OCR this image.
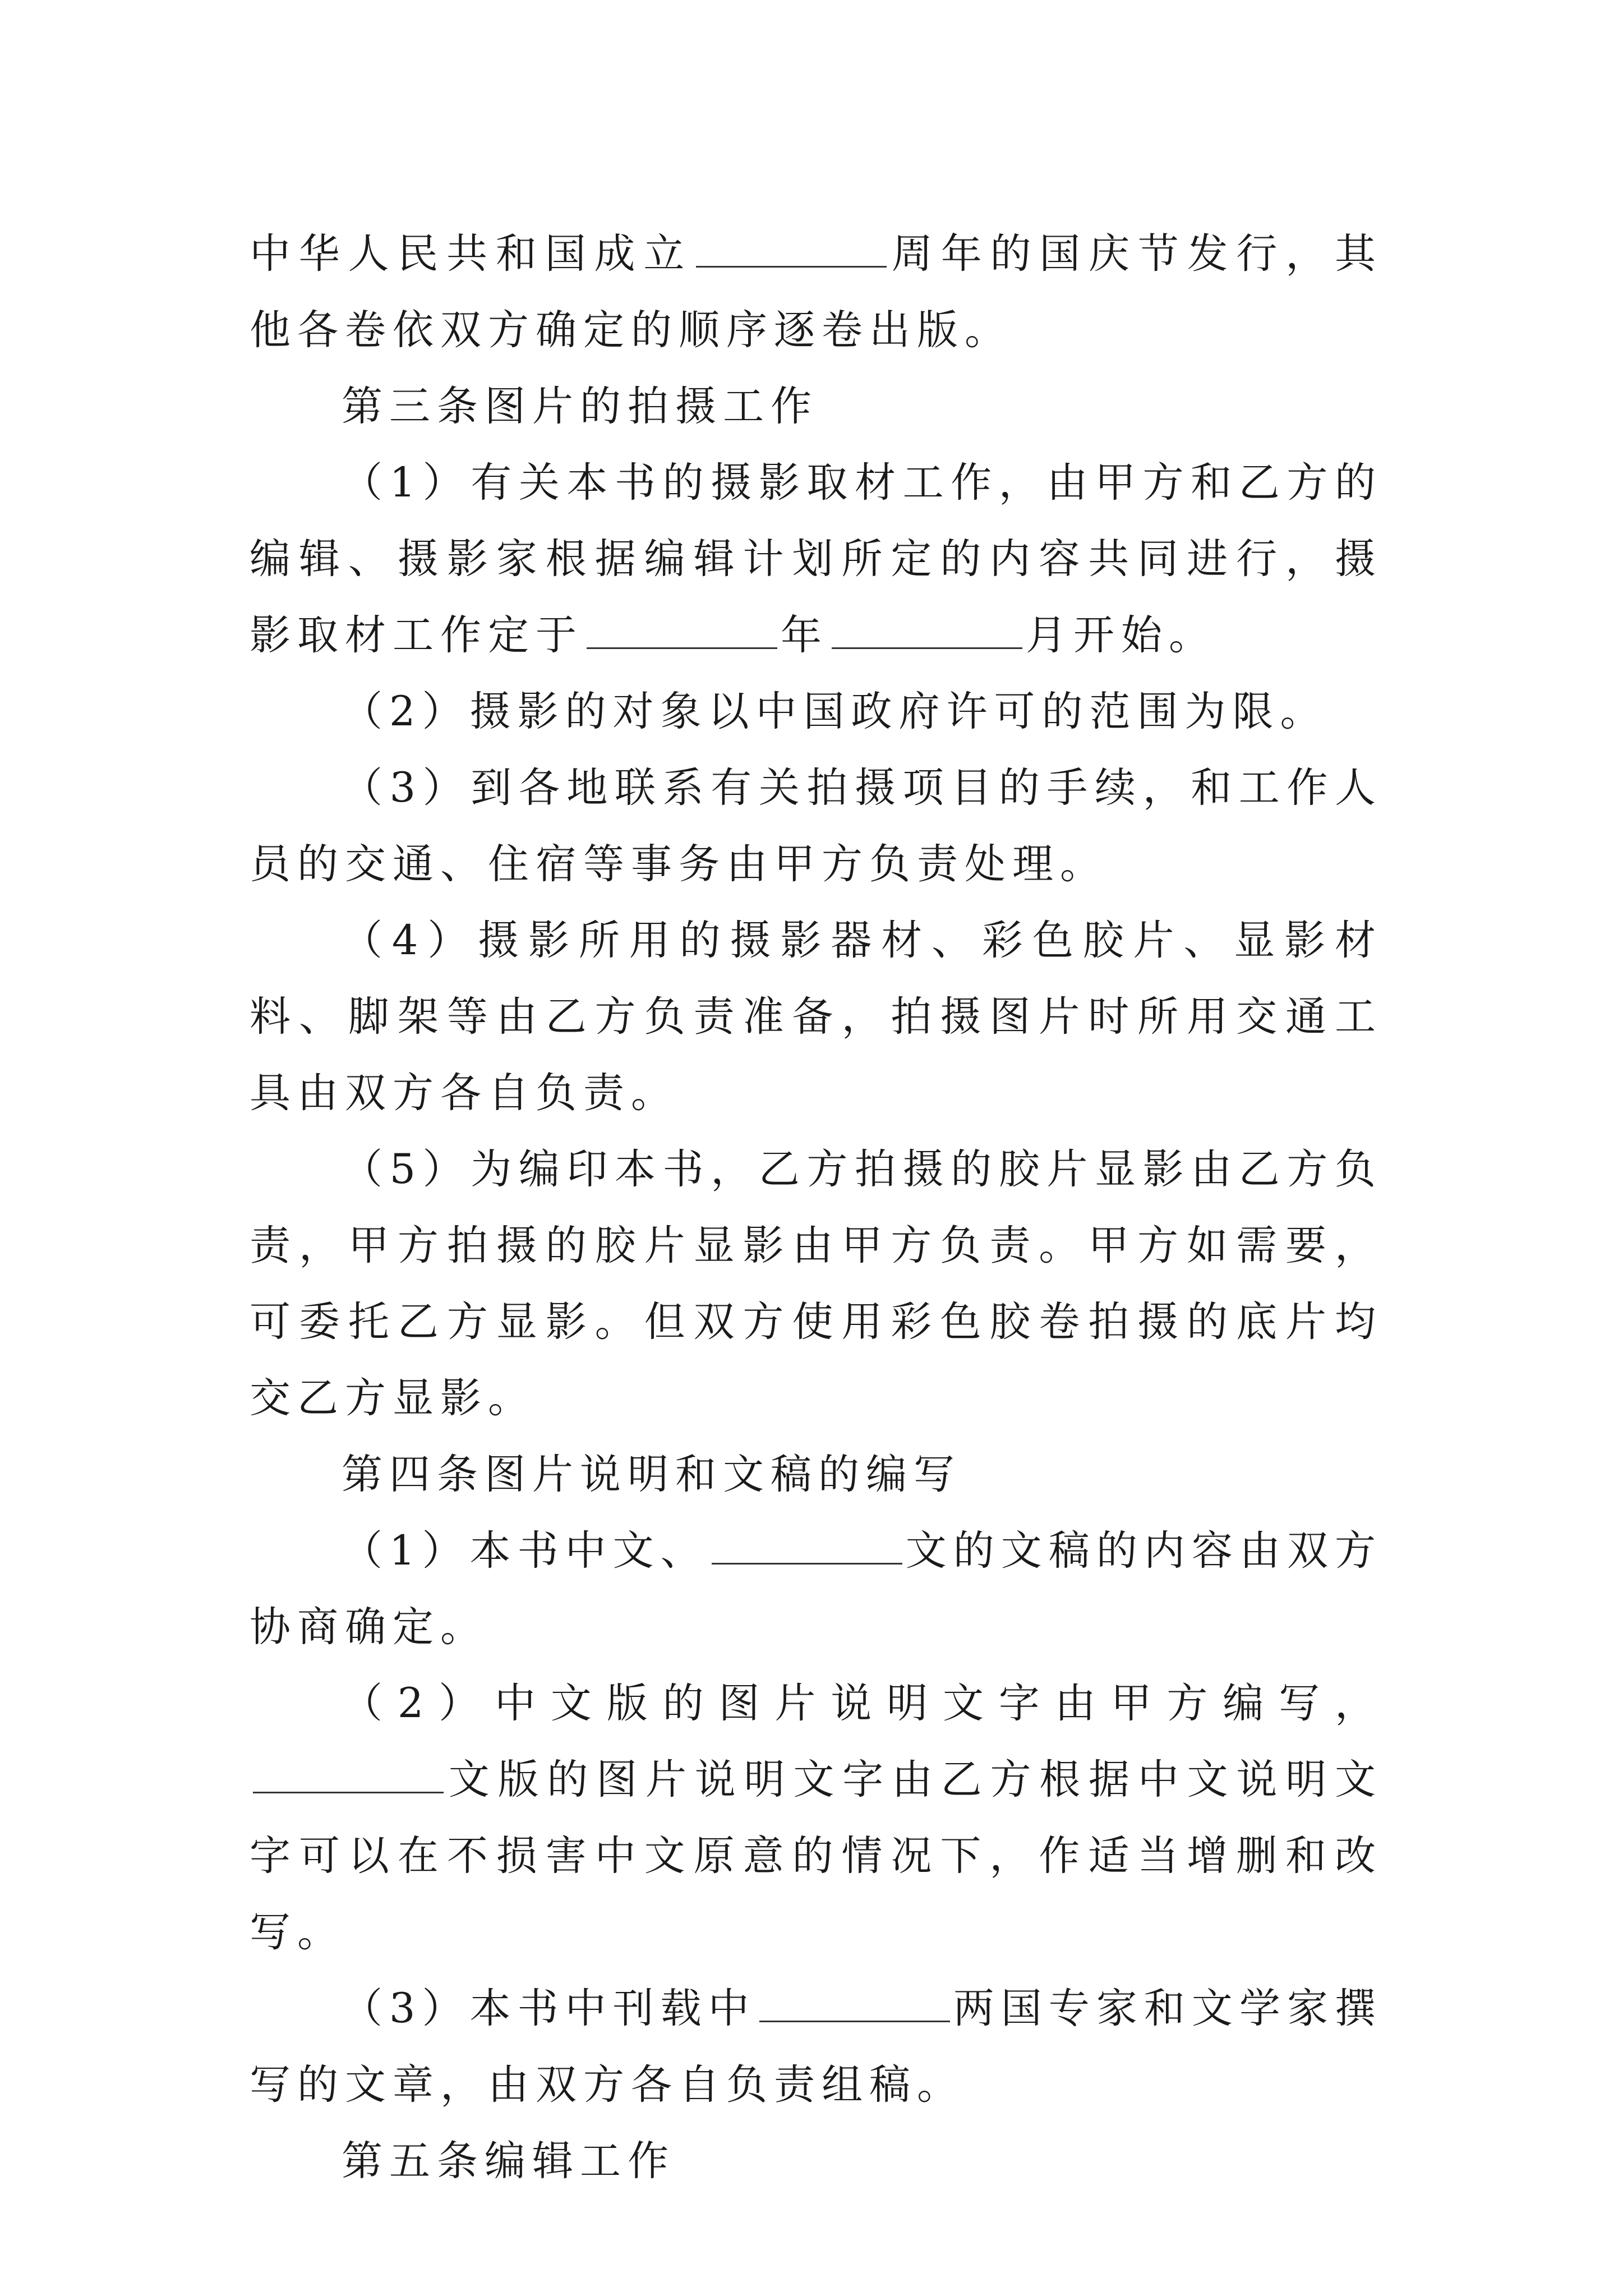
中华人民共和国成立	周年的国庆节发行，其他各卷依双方确定的顺序逐卷出版。

第三条图片的拍摄工作

（1）有关本书的摄影取材工作，由甲方和乙方的编辑、摄影家根据编辑计划所定的内容共同进行，摄影取材工作定于	年	月开始。

（2）摄影的对象以中国政府许可的范围为限。

（3）到各地联系有关拍摄项目的手续，和工作人员的交通、住宿等事务由甲方负责处理。

（4）摄影所用的摄影器材、彩色胶片、显影材料、脚架等由乙方负责准备，拍摄图片时所用交通工具由双方各自负责。

（5）为编印本书，乙方拍摄的胶片显影由乙方负责，甲方拍摄的胶片显影由甲方负责。甲方如需要，可委托乙方显影。但双方使用彩色胶卷拍摄的底片均交乙方显影。

第四条图片说明和文稿的编写

（1）本书中文、	文的文稿的内容由双方协商确定。

（2）中文版的图片说明文字由甲方编写，文版的图片说明文字由乙方根据中文说明文字可以在不损害中文原意的情况下，作适当增删和改写。

（3）本书中刊载中	两国专家和文学家撰写的文章，由双方各自负责组稿。

第五条编辑工作
